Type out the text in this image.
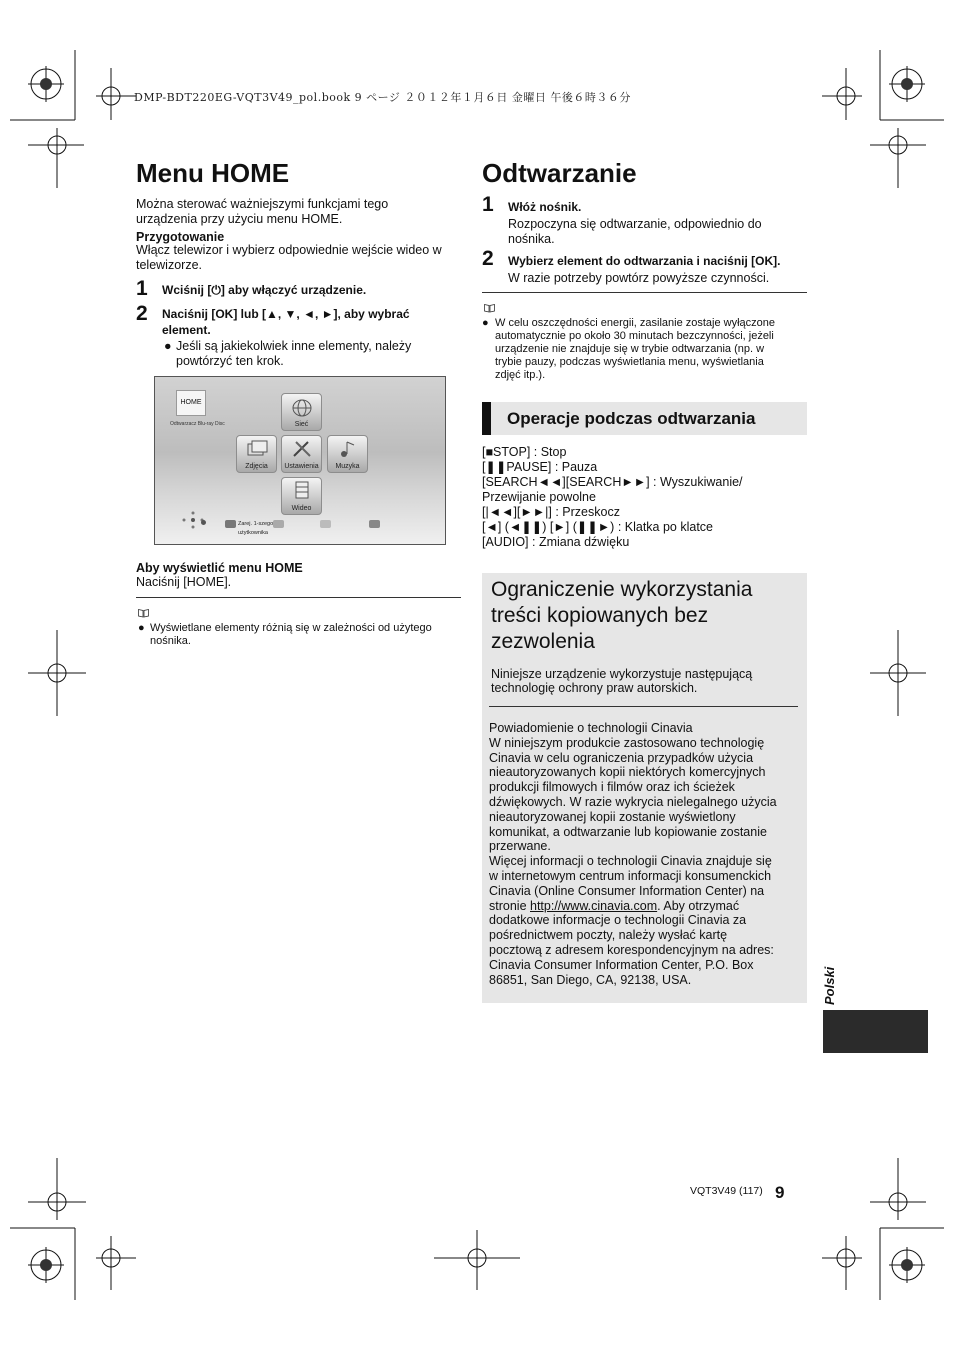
DMP-BDT220EG-VQT3V49_pol.book 9 ページ ２０１２年１月６日 金曜日 午後６時３６分
Menu HOME
Można sterować ważniejszymi funkcjami tego
urządzenia przy użyciu menu HOME.
Przygotowanie
Włącz telewizor i wybierz odpowiednie wejście wideo w
telewizorze.
1 Wciśnij [⏻] aby włączyć urządzenie.
2 Naciśnij [OK] lub [▲, ▼, ◄, ►], aby wybrać
element.
● Jeśli są jakiekolwiek inne elementy, należy
powtórzyć ten krok.
HOME
Odtwarzacz Blu-ray Disc	Sieć
Zdjęcia	Ustawienia	Muzyka
Wideo
Zarej. 1-szego
użytkownika
Aby wyświetlić menu HOME
Naciśnij [HOME].
● Wyświetlane elementy różnią się w zależności od użytego
nośnika.
Odtwarzanie
1 Włóż nośnik.
Rozpoczyna się odtwarzanie, odpowiednio do
nośnika.
2 Wybierz element do odtwarzania i naciśnij [OK].
W razie potrzeby powtórz powyższe czynności.
● W celu oszczędności energii, zasilanie zostaje wyłączone
automatycznie po około 30 minutach bezczynności, jeżeli
urządzenie nie znajduje się w trybie odtwarzania (np. w
trybie pauzy, podczas wyświetlania menu, wyświetlania
zdjęć itp.).
Operacje podczas odtwarzania
[■STOP] : Stop
[❚❚PAUSE] : Pauza
[SEARCH◄◄][SEARCH►►] : Wyszukiwanie/
Przewijanie powolne
[|◄◄][►►|] : Przeskocz
[◄] (◄❚❚) [►] (❚❚►) : Klatka po klatce
[AUDIO] : Zmiana dźwięku
Ograniczenie wykorzystania
treści kopiowanych bez
zezwolenia
Niniejsze urządzenie wykorzystuje następującą
technologię ochrony praw autorskich.
Powiadomienie o technologii Cinavia
W niniejszym produkcie zastosowano technologię
Cinavia w celu ograniczenia przypadków użycia
nieautoryzowanych kopii niektórych komercyjnych
produkcji filmowych i filmów oraz ich ścieżek
dźwiękowych. W razie wykrycia nielegalnego użycia
nieautoryzowanej kopii zostanie wyświetlony
komunikat, a odtwarzanie lub kopiowanie zostanie
przerwane.
Więcej informacji o technologii Cinavia znajduje się
w internetowym centrum informacji konsumenckich
Cinavia (Online Consumer Information Center) na
stronie http://www.cinavia.com. Aby otrzymać
dodatkowe informacje o technologii Cinavia za
pośrednictwem poczty, należy wysłać kartę
pocztową z adresem korespondencyjnym na adres:
Cinavia Consumer Information Center, P.O. Box
86851, San Diego, CA, 92138, USA.	Polski
VQT3V49 (117) 9
